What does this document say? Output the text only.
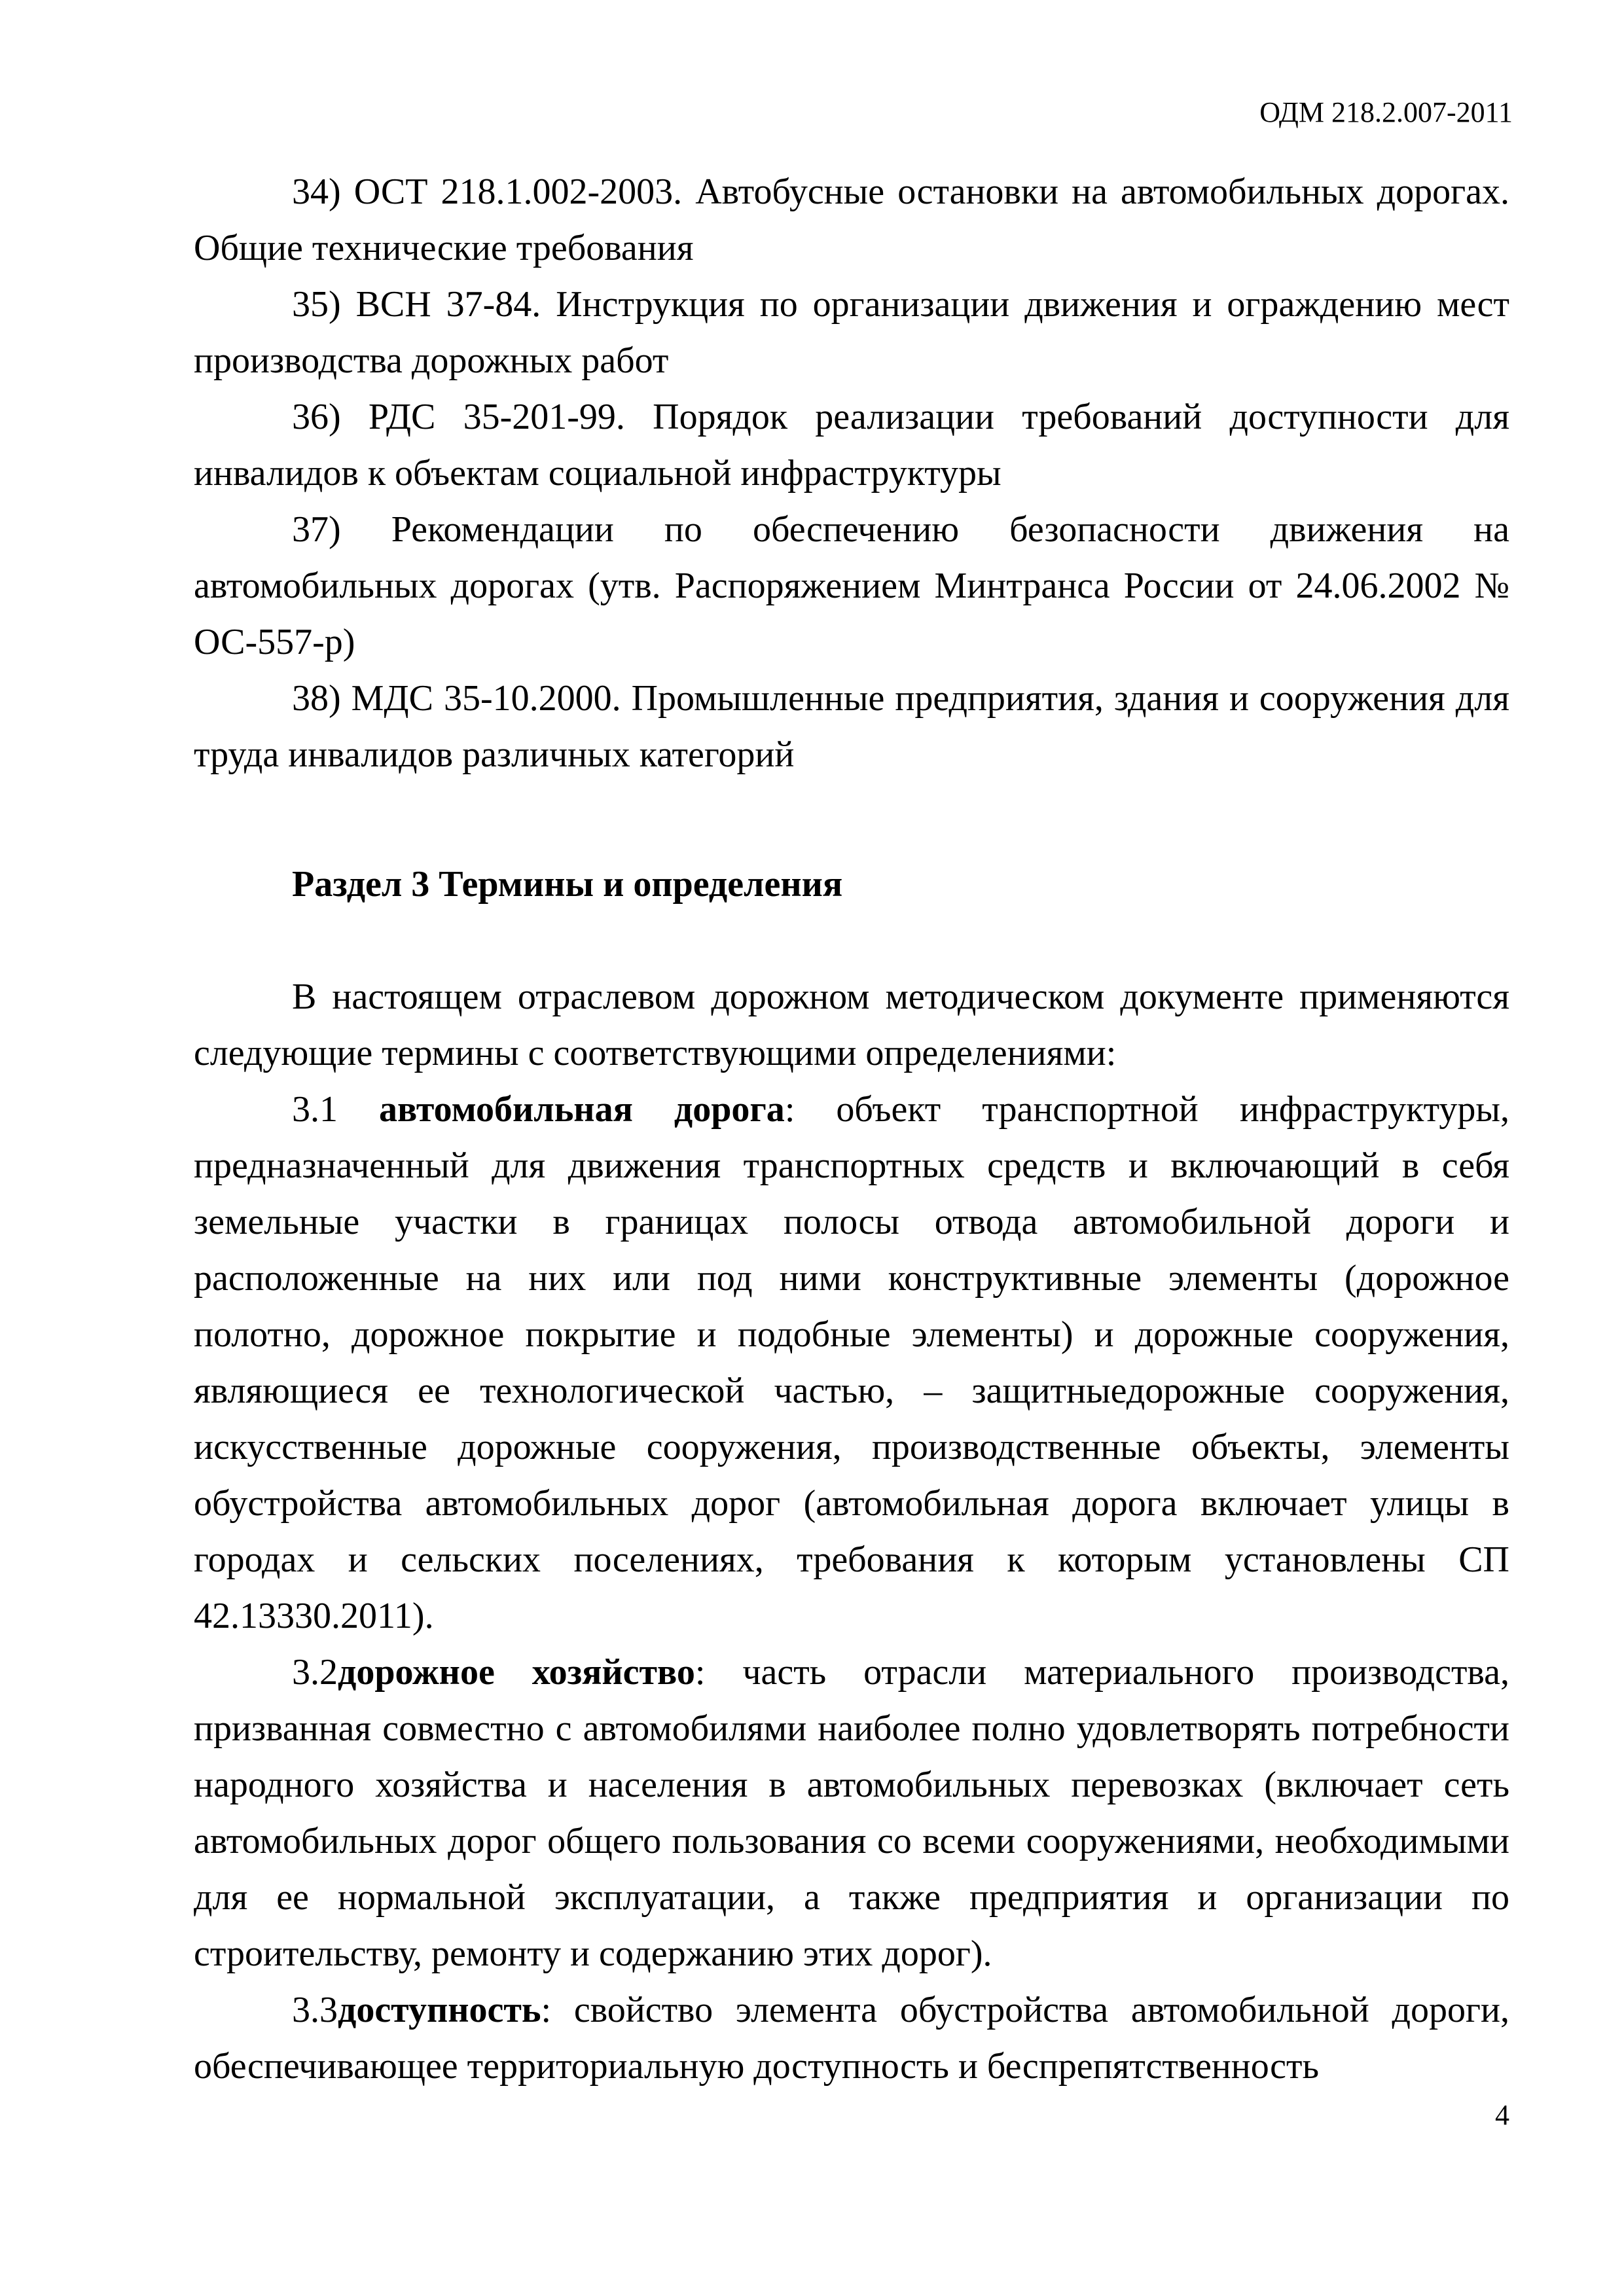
ОДМ 218.2.007-2011

34) ОСТ 218.1.002-2003. Автобусные остановки на автомобильных дорогах. Общие технические требования

35) ВСН 37-84. Инструкция по организации движения и ограждению мест производства дорожных работ

36) РДС 35-201-99. Порядок реализации требований доступности для инвалидов к объектам социальной инфраструктуры

37) Рекомендации по обеспечению безопасности движения на автомобильных дорогах (утв. Распоряжением Минтранса России от 24.06.2002 № ОС-557-р)

38) МДС 35-10.2000. Промышленные предприятия, здания и сооружения для труда инвалидов различных категорий

Раздел 3 Термины и определения

В настоящем отраслевом дорожном методическом документе применяются следующие термины с соответствующими определениями:

3.1 автомобильная дорога: объект транспортной инфраструктуры, предназначенный для движения транспортных средств и включающий в себя земельные участки в границах полосы отвода автомобильной дороги и расположенные на них или под ними конструктивные элементы (дорожное полотно, дорожное покрытие и подобные элементы) и дорожные сооружения, являющиеся ее технологической частью, – защитныедорожные сооружения, искусственные дорожные сооружения, производственные объекты, элементы обустройства автомобильных дорог (автомобильная дорога включает улицы в городах и сельских поселениях, требования к которым установлены СП 42.13330.2011).

3.2дорожное хозяйство: часть отрасли материального производства, призванная совместно с автомобилями наиболее полно удовлетворять потребности народного хозяйства и населения в автомобильных перевозках (включает сеть автомобильных дорог общего пользования со всеми сооружениями, необходимыми для ее нормальной эксплуатации, а также предприятия и организации по строительству, ремонту и содержанию этих дорог).

3.3доступность: свойство элемента обустройства автомобильной дороги, обеспечивающее территориальную доступность и беспрепятственность

4
